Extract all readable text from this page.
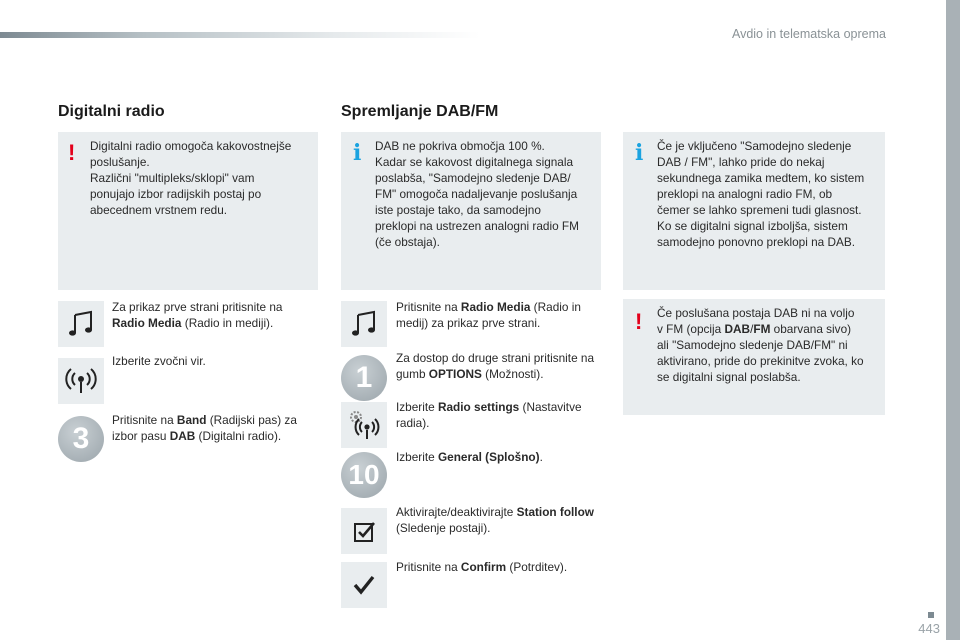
Avdio in telematska oprema
Digitalni radio
! Digitalni radio omogoča kakovostnejše
poslušanje.
Različni "multipleks/sklopi" vam
ponujajo izbor radijskih postaj po
abecednem vrstnem redu.
Za prikaz prve strani pritisnite na Radio Media (Radio in mediji).
Izberite zvočni vir.
3
Pritisnite na Band (Radijski pas) za izbor pasu DAB (Digitalni radio).
Spremljanje DAB/FM
i DAB ne pokriva območja 100 %.
Kadar se kakovost digitalnega signala
poslabša, "Samodejno sledenje DAB/
FM" omogoča nadaljevanje poslušanja
iste postaje tako, da samodejno
preklopi na ustrezen analogni radio FM
(če obstaja).
Pritisnite na Radio Media (Radio in medij) za prikaz prve strani.
1
Za dostop do druge strani pritisnite na gumb OPTIONS (Možnosti).
Izberite Radio settings (Nastavitve radia).
10
Izberite General (Splošno).
Aktivirajte/deaktivirajte Station follow (Sledenje postaji).
Pritisnite na Confirm (Potrditev).
i Če je vključeno "Samodejno sledenje
DAB / FM", lahko pride do nekaj
sekundnega zamika medtem, ko sistem
preklopi na analogni radio FM, ob
čemer se lahko spremeni tudi glasnost.
Ko se digitalni signal izboljša, sistem
samodejno ponovno preklopi na DAB.
! Če poslušana postaja DAB ni na voljo
v FM (opcija DAB/FM obarvana sivo)
ali "Samodejno sledenje DAB/FM" ni
aktivirano, pride do prekinitve zvoka, ko
se digitalni signal poslabša.
443
